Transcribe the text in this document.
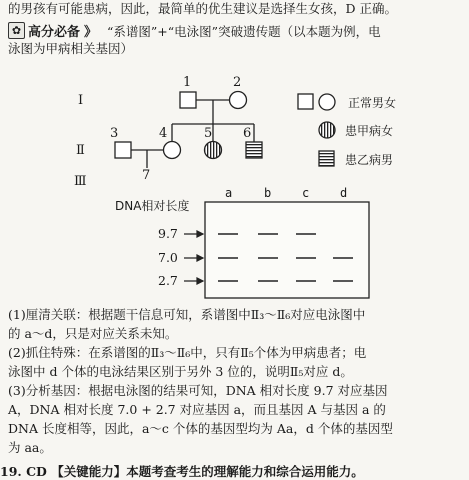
的男孩有可能患病，因此，最简单的优生建议是选择生女孩，D 正确。
✿ 高分必备 》 “系谱图”+“电泳图”突破遗传题（以本题为例，电
泳图为甲病相关基因）
Ⅰ
Ⅱ
Ⅲ
1	2
3	4	5 6
7
正常男女
患甲病女
患乙病男
DNA相对长度
a	b	c	d
9.7
7.0
2.7
(1)厘清关联：根据题干信息可知，系谱图中Ⅱ₃～Ⅱ₆对应电泳图中
的 a～d，只是对应关系未知。
(2)抓住特殊：在系谱图的Ⅱ₃～Ⅱ₆中，只有Ⅱ₅个体为甲病患者；电
泳图中 d 个体的电泳结果区别于另外 3 位的，说明Ⅱ₅对应 d。
(3)分析基因：根据电泳图的结果可知，DNA 相对长度 9.7 对应基因
A，DNA 相对长度 7.0 + 2.7 对应基因 a，而且基因 A 与基因 a 的
DNA 长度相等，因此，a～c 个体的基因型均为 Aa，d 个体的基因型
为 aa。
19. CD 【关键能力】本题考查考生的理解能力和综合运用能力。
